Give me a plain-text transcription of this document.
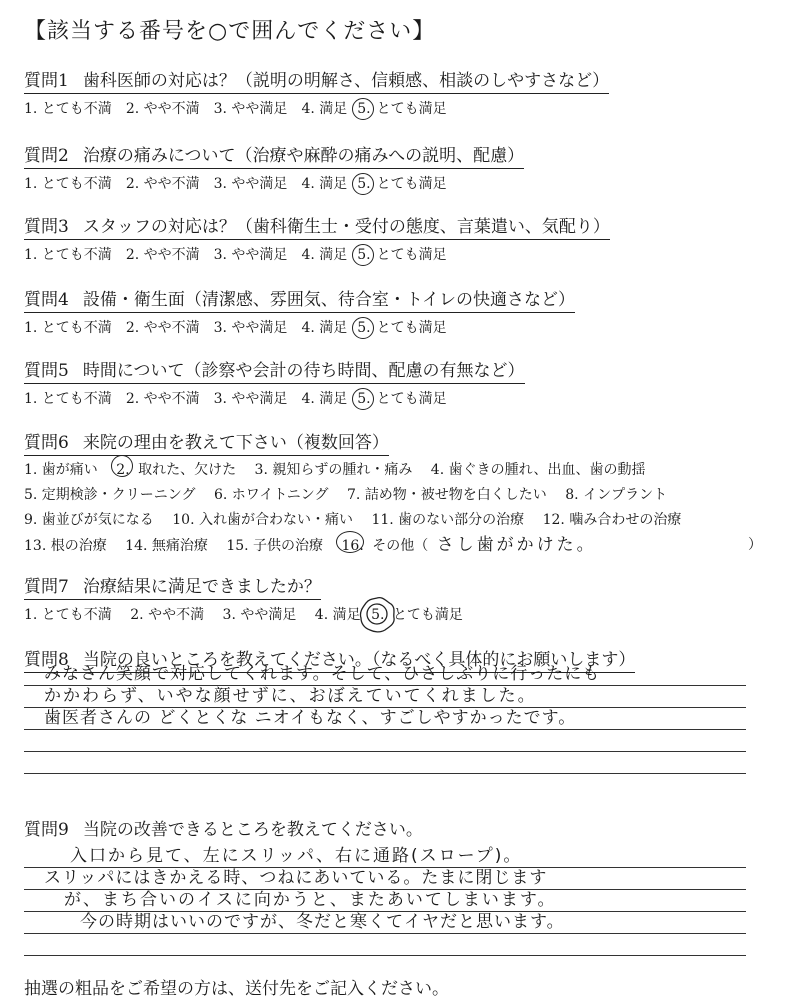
【該当する番号を○で囲んでください】
質問1 歯科医師の対応は？（説明の明解さ、信頼感、相談のしやすさなど）
1. とても不満 2. やや不満 3. やや満足 4. 満足 5. とても満足
質問2 治療の痛みについて（治療や麻酔の痛みへの説明、配慮）
1. とても不満 2. やや不満 3. やや満足 4. 満足 5. とても満足
質問3 スタッフの対応は？（歯科衛生士・受付の態度、言葉遣い、気配り）
1. とても不満 2. やや不満 3. やや満足 4. 満足 5. とても満足
質問4 設備・衛生面（清潔感、雰囲気、待合室・トイレの快適さなど）
1. とても不満 2. やや不満 3. やや満足 4. 満足 5. とても満足
質問5 時間について（診察や会計の待ち時間、配慮の有無など）
1. とても不満 2. やや不満 3. やや満足 4. 満足 5. とても満足
質問6 来院の理由を教えて下さい（複数回答）
1. 歯が痛い 2. 取れた、欠けた 3. 親知らずの腫れ・痛み 4. 歯ぐきの腫れ、出血、歯の動揺
5. 定期検診・クリーニング 6. ホワイトニング 7. 詰め物・被せ物を白くしたい 8. インプラント
9. 歯並びが気になる 10. 入れ歯が合わない・痛い 11. 歯のない部分の治療 12. 噛み合わせの治療
13. 根の治療 14. 無痛治療 15. 子供の治療 16. その他（ さし歯がかけた。	）
質問7 治療結果に満足できましたか？
1. とても不満 2. やや不満 3. やや満足 4. 満足 5. とても満足
質問8 当院の良いところを教えてください。（なるべく具体的にお願いします）
みなさん笑顔で対応してくれます。そして、ひさしぶりに行ったにも
かかわらず、いやな顔せずに、おぼえていてくれました。
歯医者さんの どくとくな ニオイもなく、すごしやすかったです。
質問9 当院の改善できるところを教えてください。
入口から見て、左にスリッパ、右に通路(スロープ)。
スリッパにはきかえる時、つねにあいている。たまに閉じます
が、まち合いのイスに向かうと、またあいてしまいます。
今の時期はいいのですが、冬だと寒くてイヤだと思います。
抽選の粗品をご希望の方は、送付先をご記入ください。
